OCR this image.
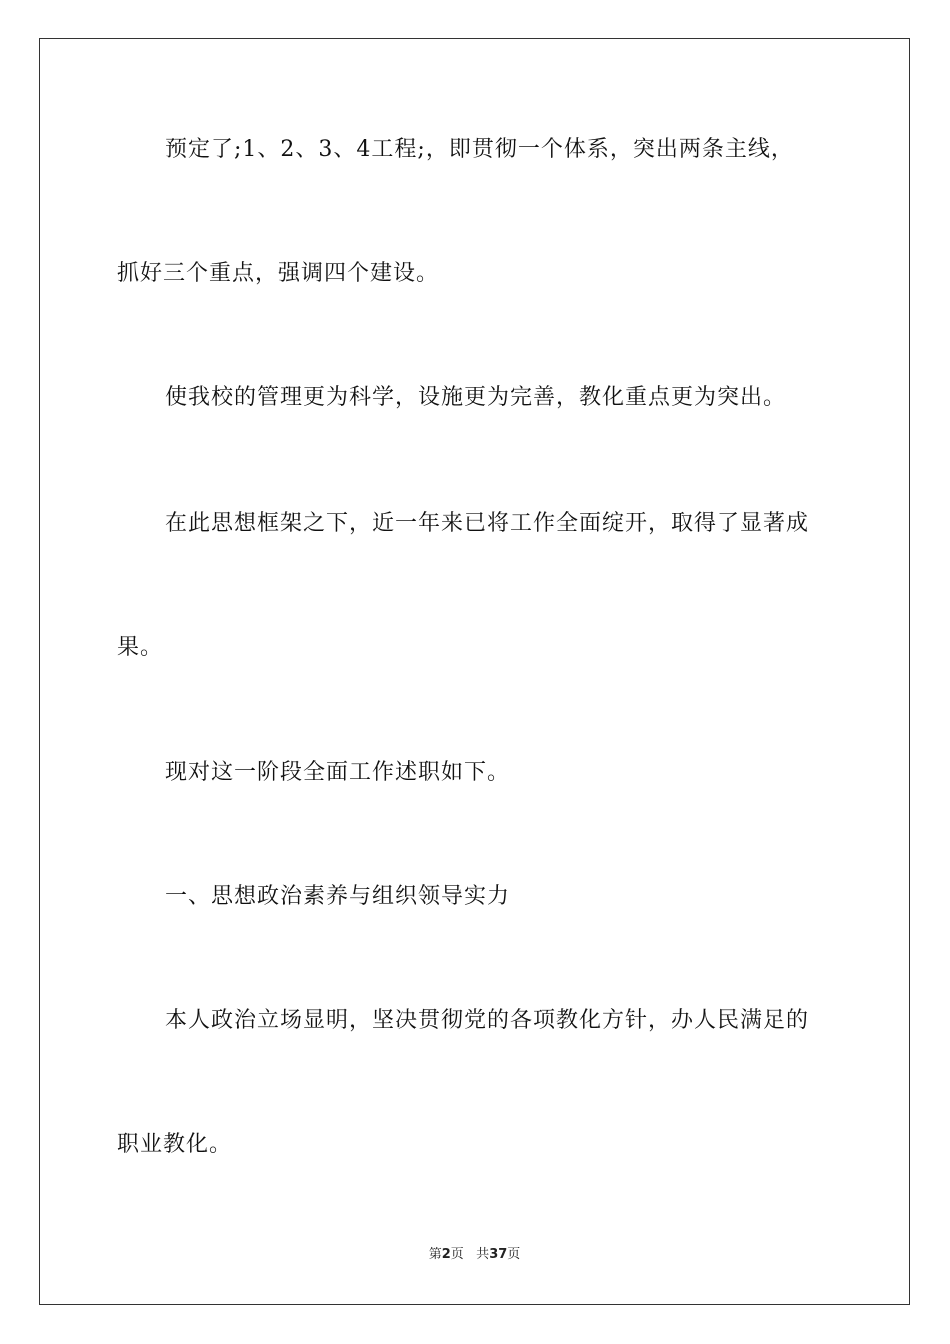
预定了;1、2、3、4工程;，即贯彻一个体系，突出两条主线，
抓好三个重点，强调四个建设。
使我校的管理更为科学，设施更为完善，教化重点更为突出。
在此思想框架之下，近一年来已将工作全面绽开，取得了显著成
果。
现对这一阶段全面工作述职如下。
一、思想政治素养与组织领导实力
本人政治立场显明，坚决贯彻党的各项教化方针，办人民满足的
职业教化。
第2页 共37页
